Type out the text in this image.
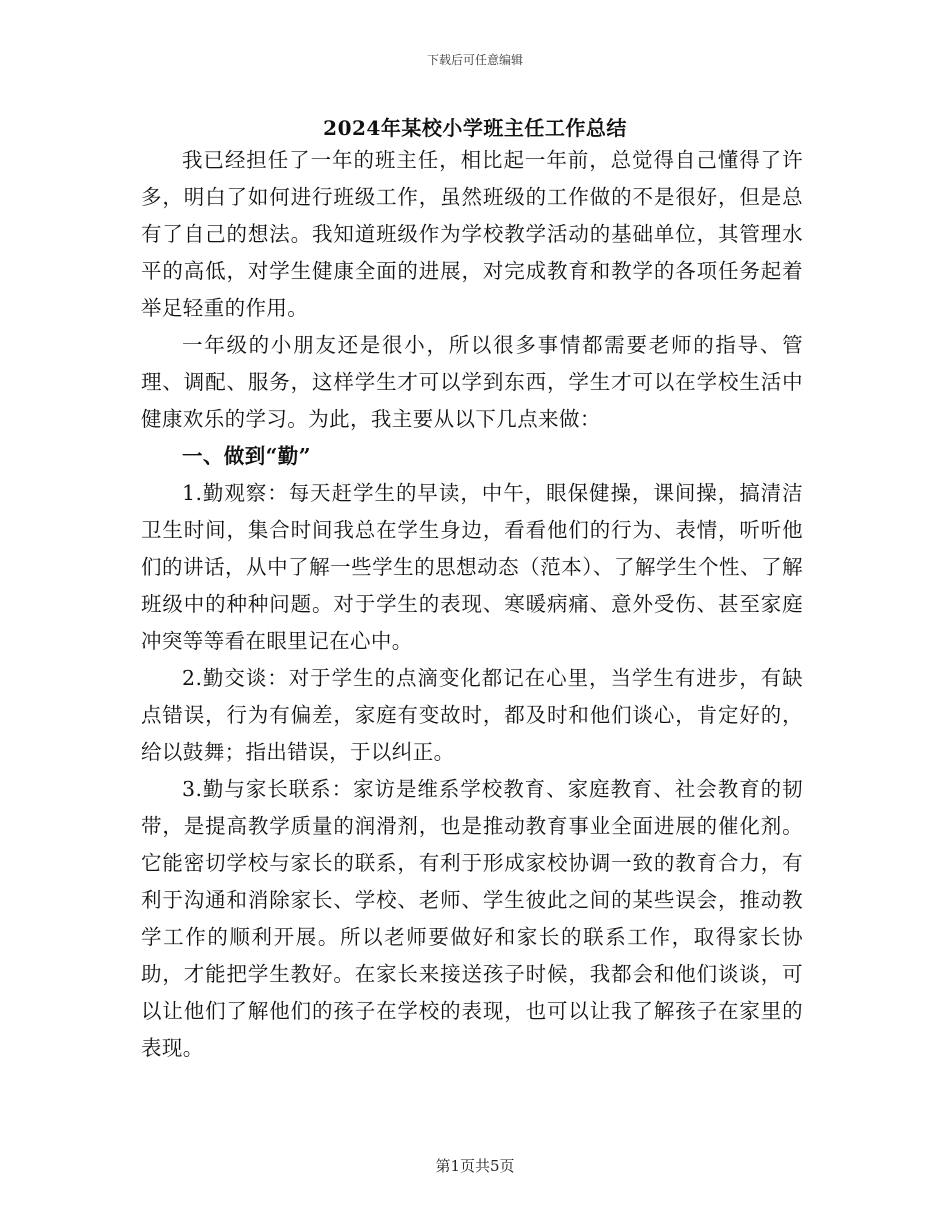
下载后可任意编辑
2024年某校小学班主任工作总结

我已经担任了一年的班主任，相比起一年前，总觉得自己懂得了许多，明白了如何进行班级工作，虽然班级的工作做的不是很好，但是总有了自己的想法。我知道班级作为学校教学活动的基础单位，其管理水平的高低，对学生健康全面的进展，对完成教育和教学的各项任务起着举足轻重的作用。

一年级的小朋友还是很小，所以很多事情都需要老师的指导、管理、调配、服务，这样学生才可以学到东西，学生才可以在学校生活中健康欢乐的学习。为此，我主要从以下几点来做：

一、做到“勤”

1.勤观察：每天赶学生的早读，中午，眼保健操，课间操，搞清洁卫生时间，集合时间我总在学生身边，看看他们的行为、表情，听听他们的讲话，从中了解一些学生的思想动态（范本）、了解学生个性、了解班级中的种种问题。对于学生的表现、寒暖病痛、意外受伤、甚至家庭冲突等等看在眼里记在心中。

2.勤交谈：对于学生的点滴变化都记在心里，当学生有进步，有缺点错误，行为有偏差，家庭有变故时，都及时和他们谈心，肯定好的，给以鼓舞；指出错误，于以纠正。

3.勤与家长联系：家访是维系学校教育、家庭教育、社会教育的韧带，是提高教学质量的润滑剂，也是推动教育事业全面进展的催化剂。它能密切学校与家长的联系，有利于形成家校协调一致的教育合力，有利于沟通和消除家长、学校、老师、学生彼此之间的某些误会，推动教学工作的顺利开展。所以老师要做好和家长的联系工作，取得家长协助，才能把学生教好。在家长来接送孩子时候，我都会和他们谈谈，可以让他们了解他们的孩子在学校的表现，也可以让我了解孩子在家里的表现。

第1页共5页
